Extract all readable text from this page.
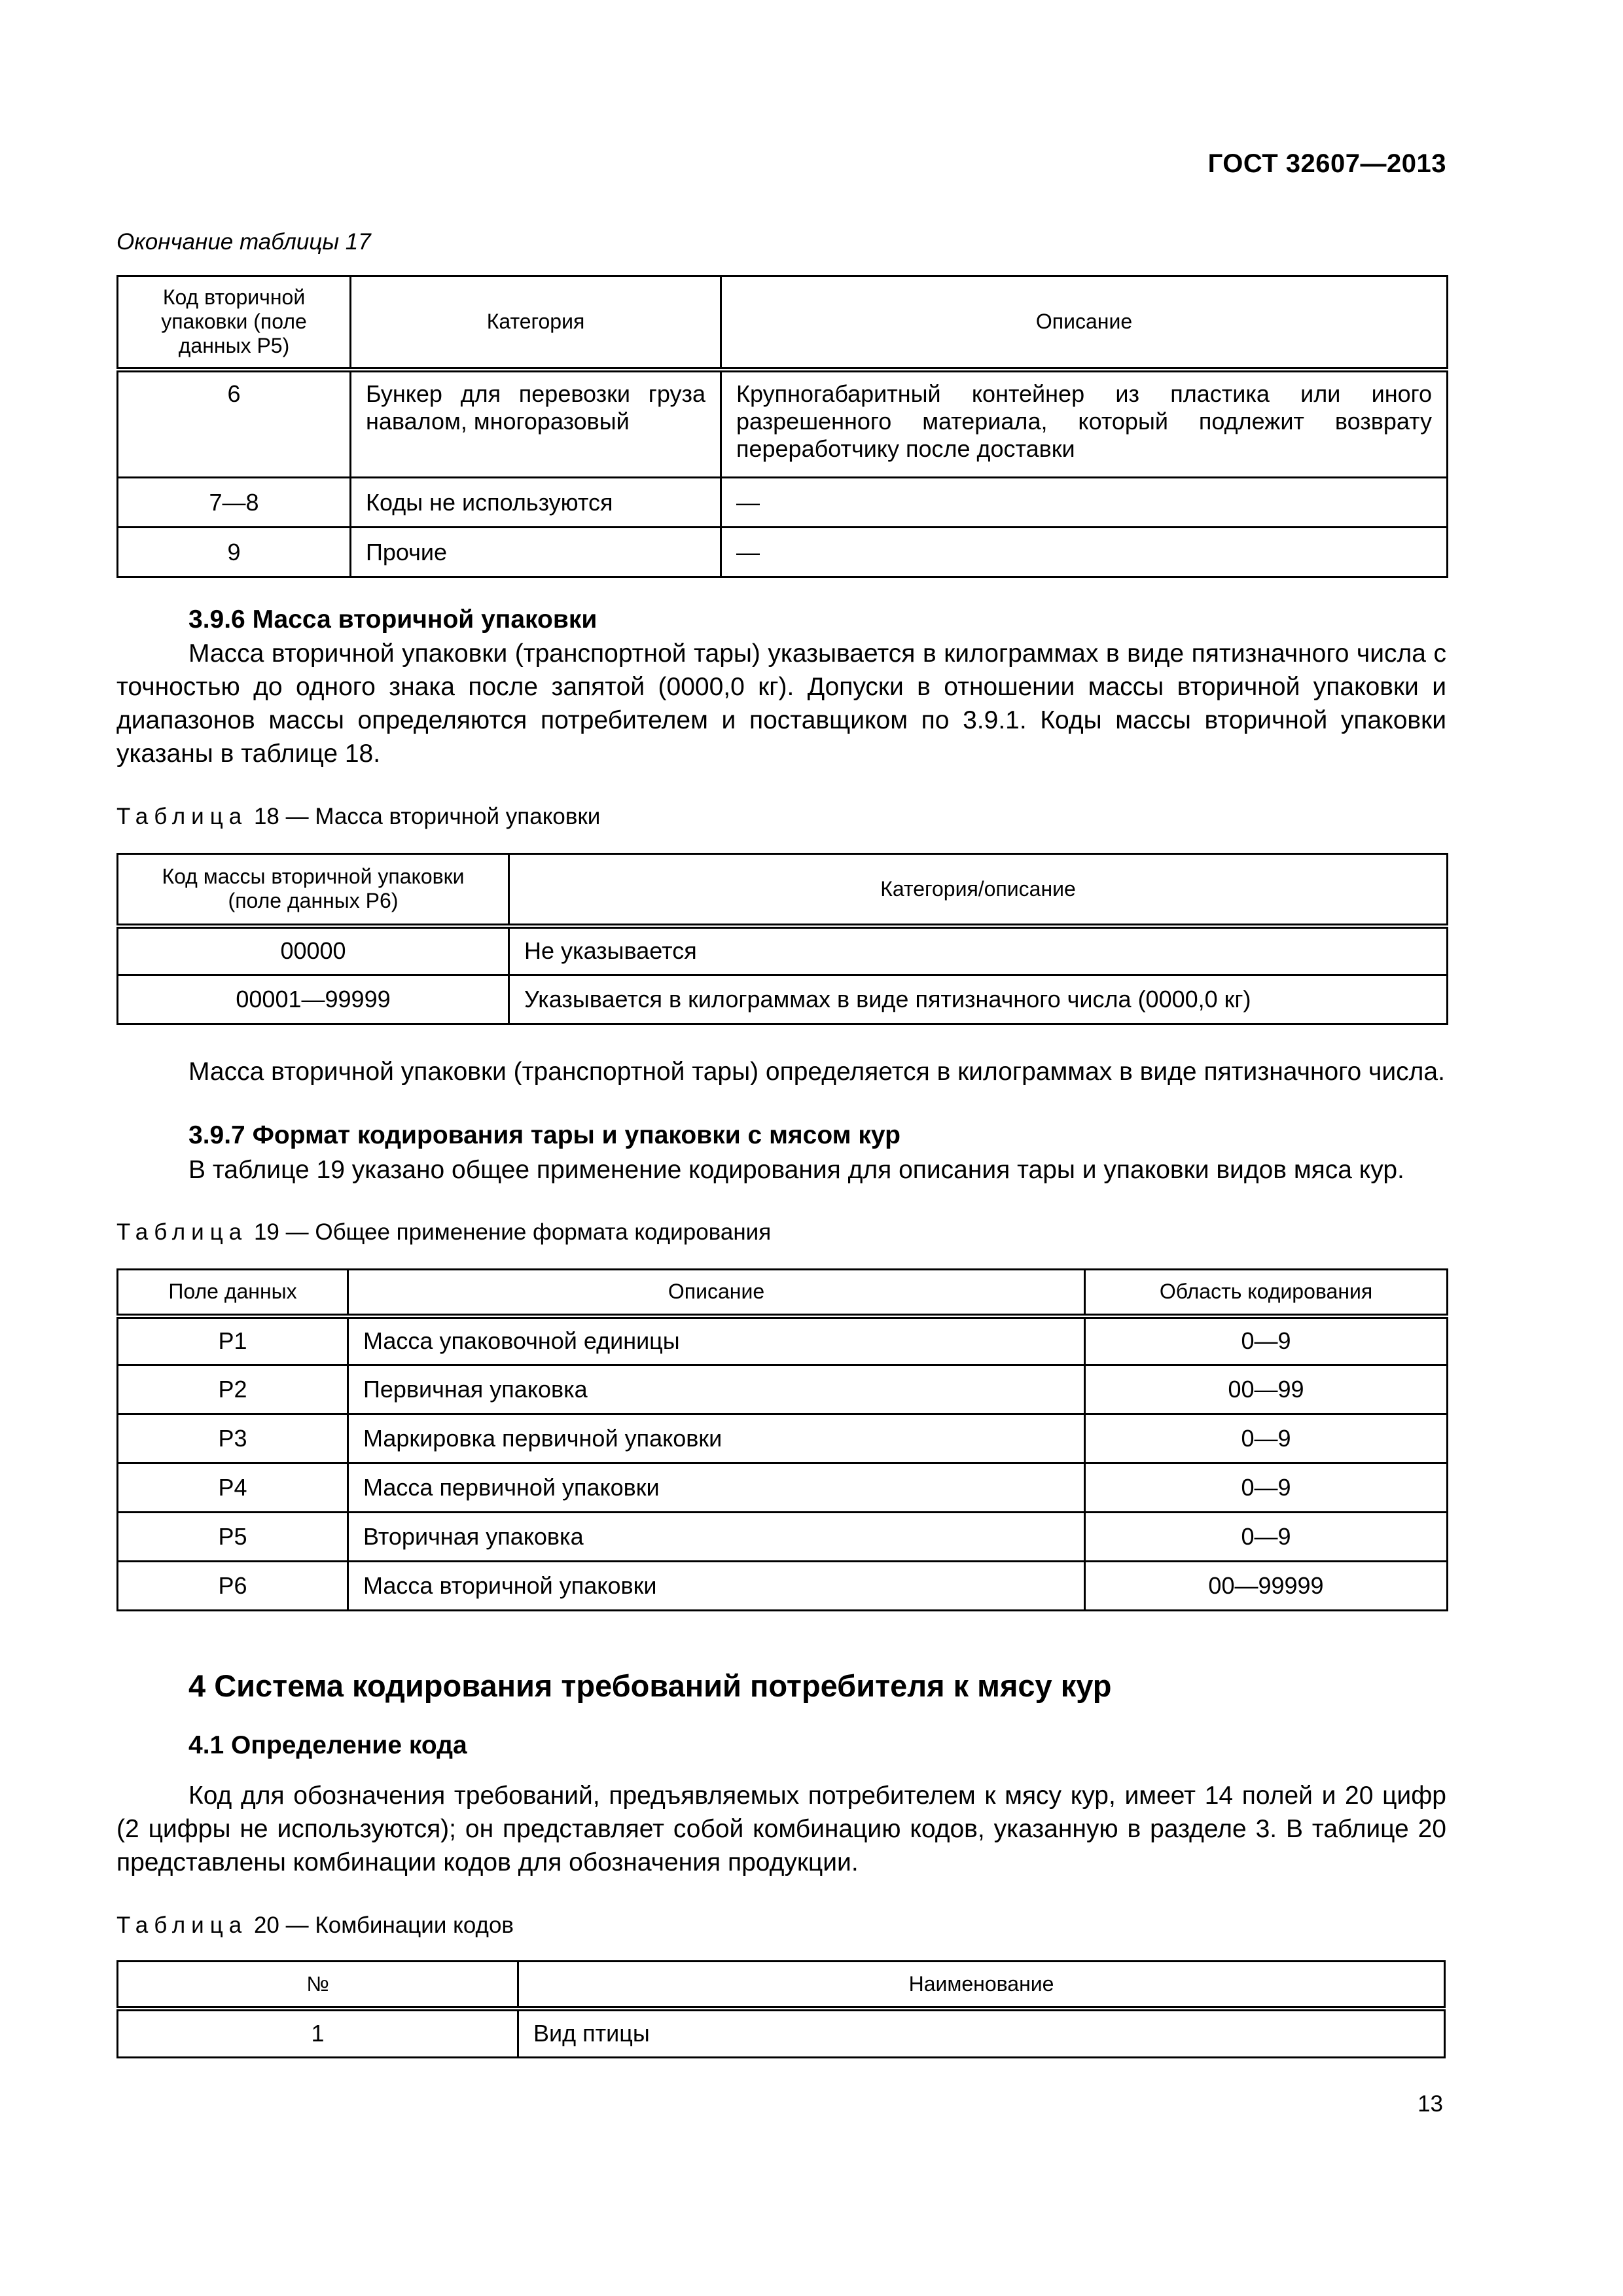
ГОСТ 32607—2013
Окончание таблицы 17
Код вторичной упаковки (поле данных P5)	Категория	Описание
6	Бункер для перевозки груза навалом, многоразовый	Крупногабаритный контейнер из пластика или иного разрешенного материала, который подлежит возврату переработчику после доставки
7—8	Коды не используются	—
9	Прочие	—
3.9.6 Масса вторичной упаковки
Масса вторичной упаковки (транспортной тары) указывается в килограммах в виде пятизначного числа с точностью до одного знака после запятой (0000,0 кг). Допуски в отношении массы вторичной упаковки и диапазонов массы определяются потребителем и поставщиком по 3.9.1. Коды массы вторичной упаковки указаны в таблице 18.
Таблица 18 — Масса вторичной упаковки
Код массы вторичной упаковки (поле данных P6)	Категория/описание
00000	Не указывается
00001—99999	Указывается в килограммах в виде пятизначного числа (0000,0 кг)
Масса вторичной упаковки (транспортной тары) определяется в килограммах в виде пятизначного числа.
3.9.7 Формат кодирования тары и упаковки с мясом кур
В таблице 19 указано общее применение кодирования для описания тары и упаковки видов мяса кур.
Таблица 19 — Общее применение формата кодирования
Поле данных	Описание	Область кодирования
P1	Масса упаковочной единицы	0—9
P2	Первичная упаковка	00—99
P3	Маркировка первичной упаковки	0—9
P4	Масса первичной упаковки	0—9
P5	Вторичная упаковка	0—9
P6	Масса вторичной упаковки	00—99999
4 Система кодирования требований потребителя к мясу кур
4.1 Определение кода
Код для обозначения требований, предъявляемых потребителем к мясу кур, имеет 14 полей и 20 цифр (2 цифры не используются); он представляет собой комбинацию кодов, указанную в разделе 3. В таблице 20 представлены комбинации кодов для обозначения продукции.
Таблица 20 — Комбинации кодов
№	Наименование
1	Вид птицы
13
